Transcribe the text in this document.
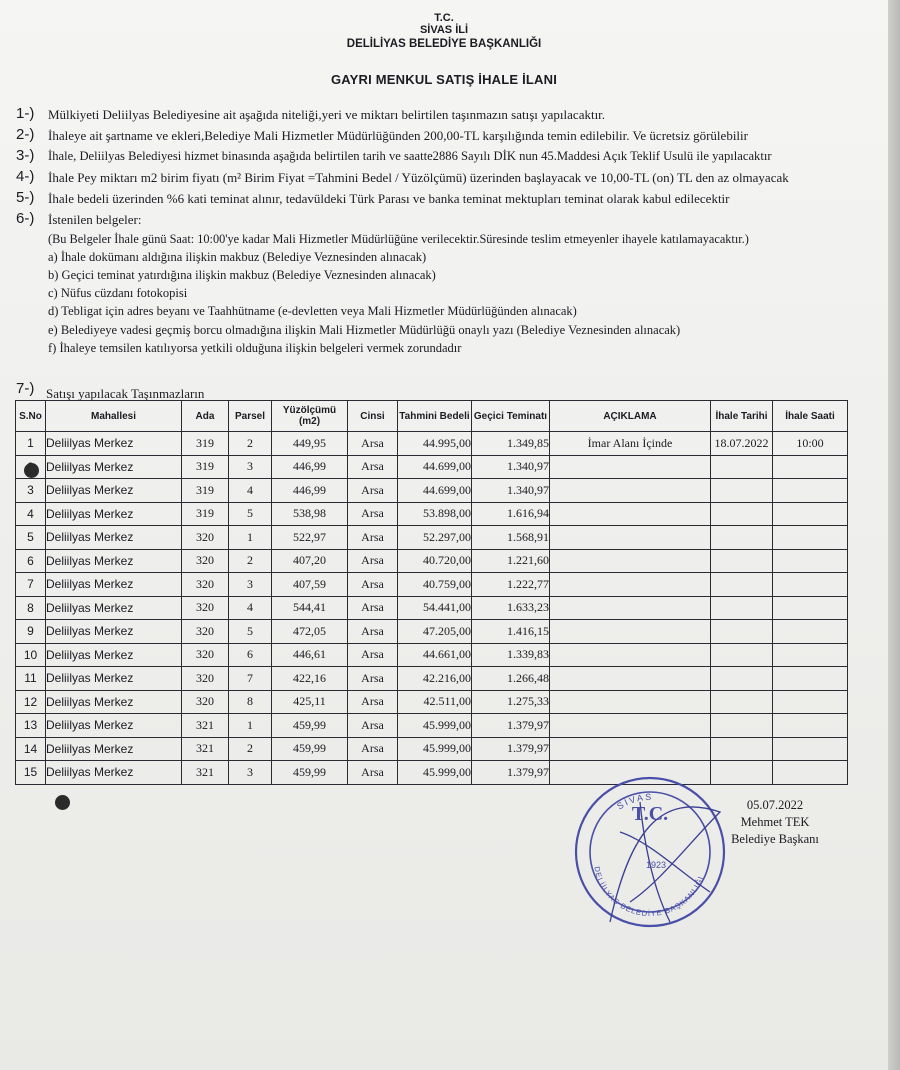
T.C.
SİVAS İLİ
DELİLİYAS BELEDİYE BAŞKANLIĞI
GAYRI MENKUL SATIŞ İHALE İLANI
1-) Mülkiyeti Deliilyas Belediyesine ait aşağıda niteliği,yeri ve miktarı belirtilen taşınmazın satışı yapılacaktır.
2-) İhaleye ait şartname ve ekleri,Belediye Mali Hizmetler Müdürlüğünden 200,00-TL karşılığında temin edilebilir. Ve ücretsiz görülebilir
3-) İhale, Deliilyas Belediyesi hizmet binasında aşağıda belirtilen tarih ve saatte2886 Sayılı DİK nun 45.Maddesi Açık Teklif Usulü ile yapılacaktır
4-) İhale Pey miktarı m2 birim fiyatı (m² Birim Fiyat =Tahmini Bedel / Yüzölçümü) üzerinden başlayacak ve 10,00-TL (on) TL den az olmayacak
5-) İhale bedeli üzerinden %6 kati teminat alınır, tedavüldeki Türk Parası ve banka teminat mektupları teminat olarak kabul edilecektir
6-) İstenilen belgeler:
(Bu Belgeler İhale günü Saat: 10:00'ye kadar Mali Hizmetler Müdürlüğüne verilecektir.Süresinde teslim etmeyenler ihayele katılamayacaktır.)
a) İhale dokümanı aldığına ilişkin makbuz (Belediye Veznesinden alınacak)
b) Geçici teminat yatırdığına ilişkin makbuz (Belediye Veznesinden alınacak)
c) Nüfus cüzdanı fotokopisi
d) Tebligat için adres beyanı ve Taahhütname (e-devletten veya Mali Hizmetler Müdürlüğünden alınacak)
e) Belediyeye vadesi geçmiş borcu olmadığına ilişkin Mali Hizmetler Müdürlüğü onaylı yazı (Belediye Veznesinden alınacak)
f) İhaleye temsilen katılıyorsa yetkili olduğuna ilişkin belgeleri vermek zorundadır
7-) Satışı yapılacak Taşınmazların
S.No	Mahallesi	Ada	Parsel	Yüzölçümü (m2)	Cinsi	Tahmini Bedeli	Geçici Teminatı	AÇIKLAMA	İhale Tarihi	İhale Saati
1	Deliilyas Merkez	319	2	449,95	Arsa	44.995,00	1.349,85	İmar Alanı İçinde	18.07.2022	10:00
	Deliilyas Merkez	319	3	446,99	Arsa	44.699,00	1.340,97			
3	Deliilyas Merkez	319	4	446,99	Arsa	44.699,00	1.340,97			
4	Deliilyas Merkez	319	5	538,98	Arsa	53.898,00	1.616,94			
5	Deliilyas Merkez	320	1	522,97	Arsa	52.297,00	1.568,91			
6	Deliilyas Merkez	320	2	407,20	Arsa	40.720,00	1.221,60			
7	Deliilyas Merkez	320	3	407,59	Arsa	40.759,00	1.222,77			
8	Deliilyas Merkez	320	4	544,41	Arsa	54.441,00	1.633,23			
9	Deliilyas Merkez	320	5	472,05	Arsa	47.205,00	1.416,15			
10	Deliilyas Merkez	320	6	446,61	Arsa	44.661,00	1.339,83			
11	Deliilyas Merkez	320	7	422,16	Arsa	42.216,00	1.266,48			
12	Deliilyas Merkez	320	8	425,11	Arsa	42.511,00	1.275,33			
13	Deliilyas Merkez	321	1	459,99	Arsa	45.999,00	1.379,97			
14	Deliilyas Merkez	321	2	459,99	Arsa	45.999,00	1.379,97			
15	Deliilyas Merkez	321	3	459,99	Arsa	45.999,00	1.379,97			
SİVAS
DELİİLYAS BELEDİYE BAŞKANLIĞI
T.C.
1923
05.07.2022
Mehmet TEK
Belediye Başkanı
